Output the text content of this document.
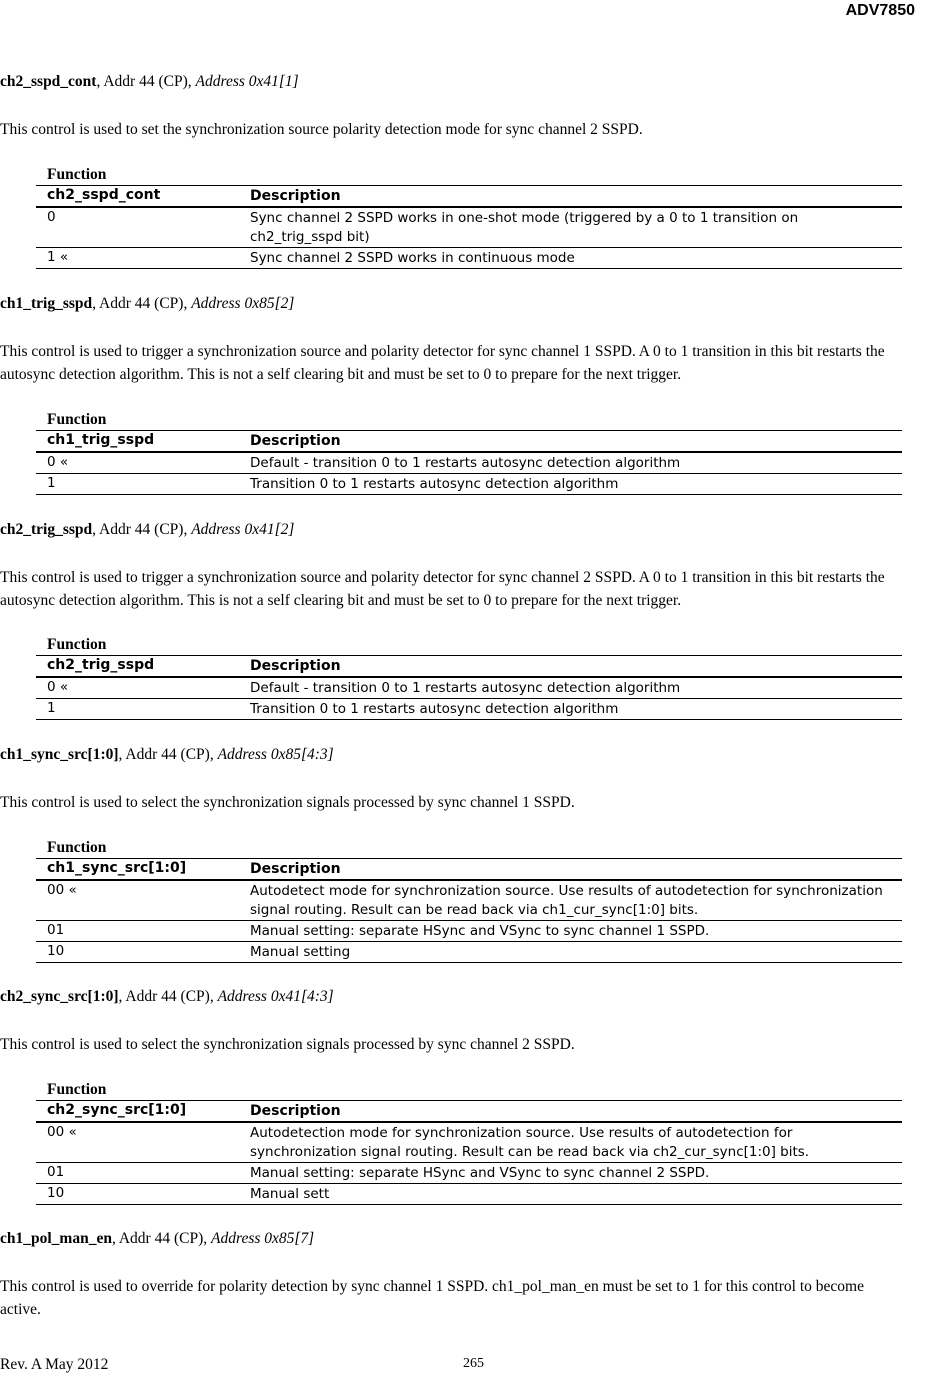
ADV7850
ch2_sspd_cont, Addr 44 (CP), Address 0x41[1]
This control is used to set the synchronization source polarity detection mode for sync channel 2 SSPD.
Function
ch2_sspd_cont	Description
0	Sync channel 2 SSPD works in one-shot mode (triggered by a 0 to 1 transition on ch2_trig_sspd bit)
1 «	Sync channel 2 SSPD works in continuous mode
ch1_trig_sspd, Addr 44 (CP), Address 0x85[2]
This control is used to trigger a synchronization source and polarity detector for sync channel 1 SSPD. A 0 to 1 transition in this bit restarts the autosync detection algorithm. This is not a self clearing bit and must be set to 0 to prepare for the next trigger.
Function
ch1_trig_sspd	Description
0 «	Default - transition 0 to 1 restarts autosync detection algorithm
1	Transition 0 to 1 restarts autosync detection algorithm
ch2_trig_sspd, Addr 44 (CP), Address 0x41[2]
This control is used to trigger a synchronization source and polarity detector for sync channel 2 SSPD. A 0 to 1 transition in this bit restarts the autosync detection algorithm. This is not a self clearing bit and must be set to 0 to prepare for the next trigger.
Function
ch2_trig_sspd	Description
0 «	Default - transition 0 to 1 restarts autosync detection algorithm
1	Transition 0 to 1 restarts autosync detection algorithm
ch1_sync_src[1:0], Addr 44 (CP), Address 0x85[4:3]
This control is used to select the synchronization signals processed by sync channel 1 SSPD.
Function
ch1_sync_src[1:0]	Description
00 «	Autodetect mode for synchronization source. Use results of autodetection for synchronization signal routing. Result can be read back via ch1_cur_sync[1:0] bits.
01	Manual setting: separate HSync and VSync to sync channel 1 SSPD.
10	Manual setting
ch2_sync_src[1:0], Addr 44 (CP), Address 0x41[4:3]
This control is used to select the synchronization signals processed by sync channel 2 SSPD.
Function
ch2_sync_src[1:0]	Description
00 «	Autodetection mode for synchronization source. Use results of autodetection for synchronization signal routing. Result can be read back via ch2_cur_sync[1:0] bits.
01	Manual setting: separate HSync and VSync to sync channel 2 SSPD.
10	Manual sett
ch1_pol_man_en, Addr 44 (CP), Address 0x85[7]
This control is used to override for polarity detection by sync channel 1 SSPD. ch1_pol_man_en must be set to 1 for this control to become active.
Rev. A May 2012	265
